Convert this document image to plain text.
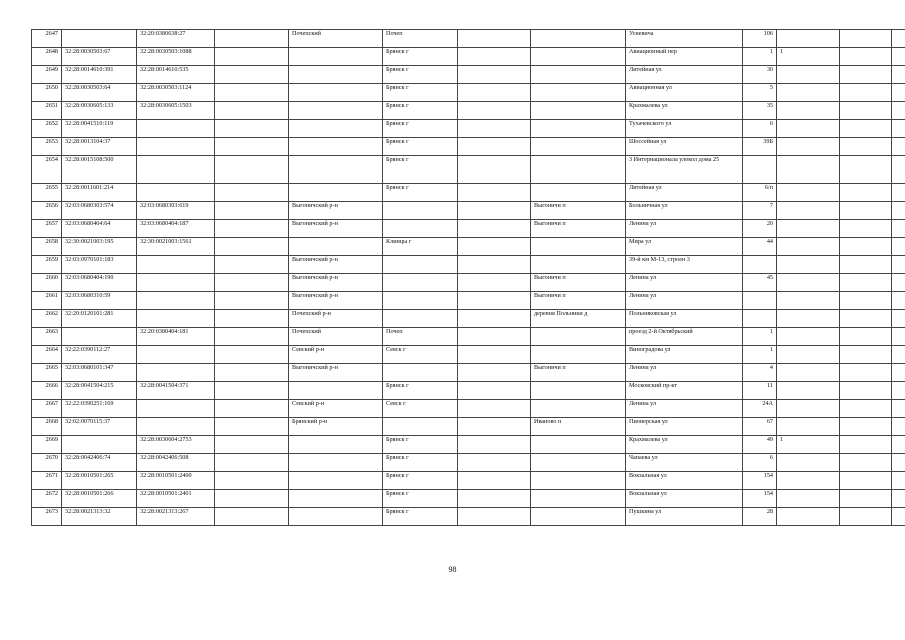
2647		32:20:0380638:27		Почепский	Почеп			Усиевича	106			
2648	32:28:0030503:67	32:28:0030503:1088			Брянск г			Авиационный пер	1	1		
2649	32:28:0014610:391	32:28:0014610:535			Брянск г			Литейная ул	30			
2650	32:28:0030503:64	32:28:0030503:1124			Брянск г			Авиационная ул	5			
2651	32:28:0030605:133	32:28:0030605:1503			Брянск г			Крахмалева ул	35			
2652	32:28:0041510:119				Брянск г			Тухачевского ул	6			
2653	32:28:0013104:37				Брянск г			Шоссейная ул	39Б			
2654	32:28:0015108:500				Брянск г			3 Интернационала улокол дома 25				
2655	32:28:0011601:214				Брянск г			Литейная ул	6/п			
2656	32:03:0680303:574	32:03:0680303:619		Выгоничский р-н			Выгоничи п	Больничная ул	7			
2657	32:03:0680404:64	32:03:0680404:187		Выгоничский р-н			Выгоничи п	Ленина ул	20			
2658	32:30:0021003:195	32:30:0021003:1561			Клинцы г			Мира ул	44			
2659	32:03:0970101:183			Выгоничский р-н				39-й км М-13, строен 3				
2660	32:03:0680404:190			Выгоничский р-н			Выгоничи п	Ленина ул	45			
2661	32:03:0680310:59			Выгоничский р-н			Выгоничи п	Ленина ул				
2662	32:20:0120101:281			Почепский р-н			деревня Польники д	Польниковская ул				
2663		32:20:0380404:181		Почепский	Почеп			проезд 2-й Октябрьский	1			
2664	32:22:0390112:27			Севский р-н	Севск г			Виноградова ул	1			
2665	32:03:0680101:347			Выгоничский р-н			Выгоничи п	Ленина ул	4			
2666	32:28:0041504:215	32:28:0041504:371			Брянск г			Московский пр-кт	11			
2667	32:22:0390251:169			Севский р-н	Севск г			Ленина ул	24А			
2668	32:02:0070115:37			Брянский р-н			Иваново п	Пионерская ул	67			
2669		32:28:0030604:2753			Брянск г			Крахмалева ул	49	1		
2670	32:28:0042406:74	32:28:0042406:508			Брянск г			Чапаева ул	6			
2671	32:28:0010501:265	32:28:0010501:2400			Брянск г			Вокзальная ул	154			
2672	32:28:0010501:266	32:28:0010501:2401			Брянск г			Вокзальная ул	154			
2673	32:28:0021313:32	32:28:0021313:267			Брянск г			Пушкина ул	28			
98
